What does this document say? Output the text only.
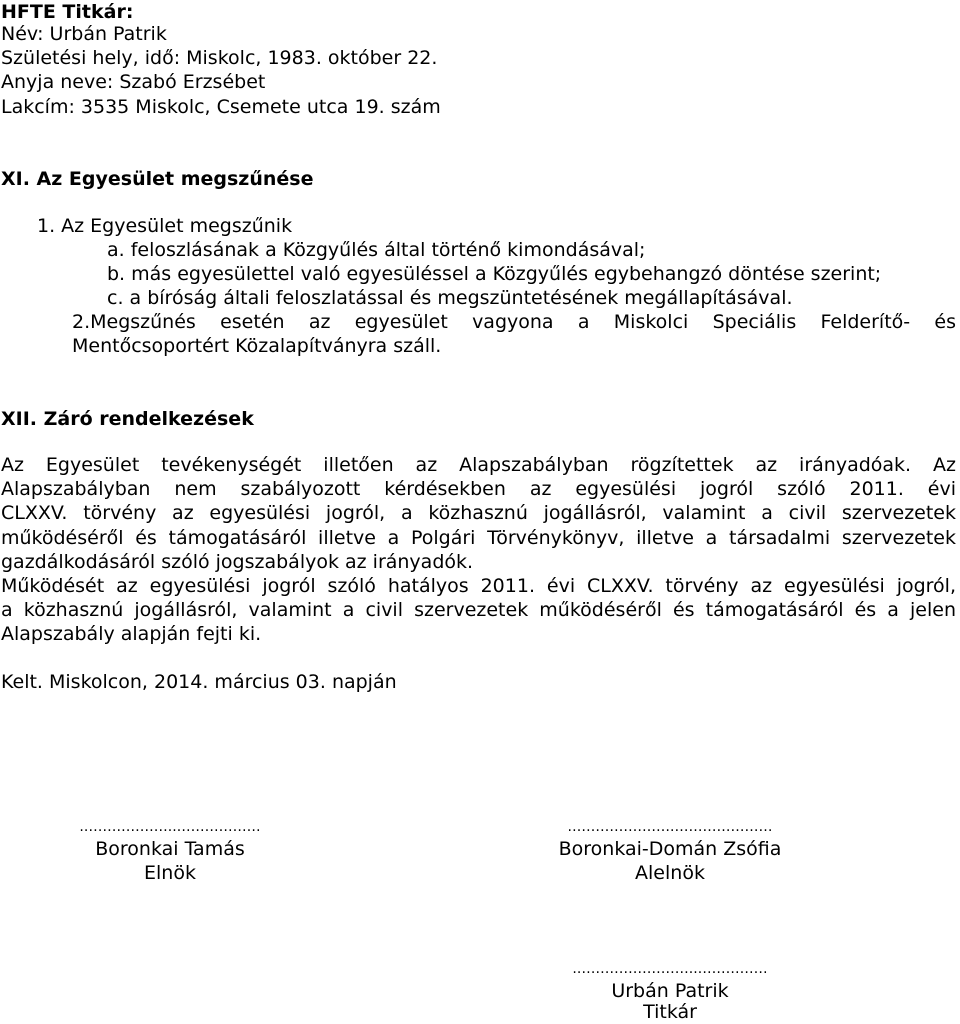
HFTE Titkár:
Név: Urbán Patrik
Születési hely, idő: Miskolc, 1983. október 22.
Anyja neve: Szabó Erzsébet
Lakcím: 3535 Miskolc, Csemete utca 19. szám
XI. Az Egyesület megszűnése
1. Az Egyesület megszűnik
a. feloszlásának a Közgyűlés által történő kimondásával;
b. más egyesülettel való egyesüléssel a Közgyűlés egybehangzó döntése szerint;
c. a bíróság általi feloszlatással és megszüntetésének megállapításával.
2.Megszűnés esetén az egyesület vagyona a Miskolci Speciális Felderítő- és
Mentőcsoportért Közalapítványra száll.
XII. Záró rendelkezések
Az Egyesület tevékenységét illetően az Alapszabályban rögzítettek az irányadóak. Az
Alapszabályban nem szabályozott kérdésekben az egyesülési jogról szóló 2011. évi
CLXXV. törvény az egyesülési jogról, a közhasznú jogállásról, valamint a civil szervezetek
működéséről és támogatásáról illetve a Polgári Törvénykönyv, illetve a társadalmi szervezetek
gazdálkodásáról szóló jogszabályok az irányadók.
Működését az egyesülési jogról szóló hatályos 2011. évi CLXXV. törvény az egyesülési jogról,
a közhasznú jogállásról, valamint a civil szervezetek működéséről és támogatásáról és a jelen
Alapszabály alapján fejti ki.
Kelt. Miskolcon, 2014. március 03. napján
.………………..………………
Boronkai Tamás
Elnök
.………………….…………………
Boronkai-Domán Zsófia
Alelnök
.……………………..……………
Urbán Patrik
Titkár
